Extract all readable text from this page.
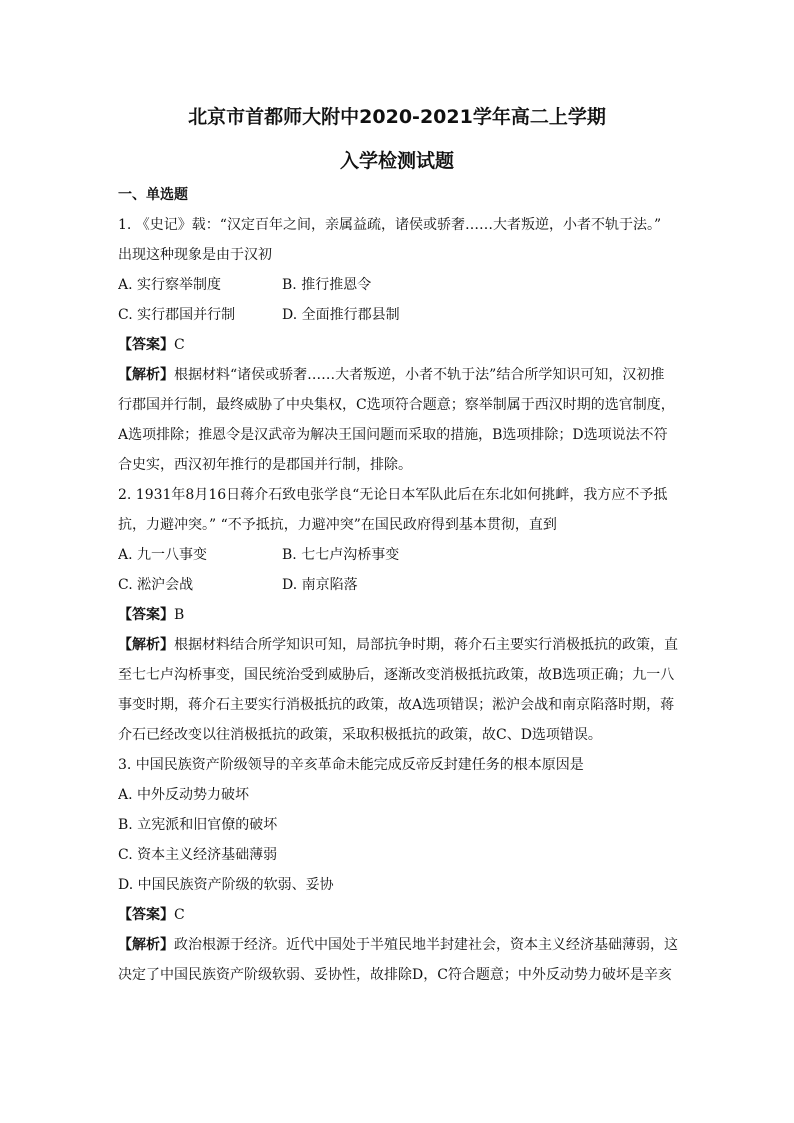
北京市首都师大附中2020-2021学年高二上学期
入学检测试题
一、单选题
1. 《史记》载：“汉定百年之间，亲属益疏，诸侯或骄奢……大者叛逆，小者不轨于法。”
出现这种现象是由于汉初
A. 实行察举制度	B. 推行推恩令
C. 实行郡国并行制	D. 全面推行郡县制
【答案】C
【解析】根据材料“诸侯或骄奢……大者叛逆，小者不轨于法”结合所学知识可知，汉初推
行郡国并行制，最终威胁了中央集权，C选项符合题意；察举制属于西汉时期的选官制度，
A选项排除；推恩令是汉武帝为解决王国问题而采取的措施，B选项排除；D选项说法不符
合史实，西汉初年推行的是郡国并行制，排除。
2. 1931年8月16日蒋介石致电张学良“无论日本军队此后在东北如何挑衅，我方应不予抵
抗，力避冲突。” “不予抵抗，力避冲突”在国民政府得到基本贯彻，直到
A. 九一八事变	B. 七七卢沟桥事变
C. 淞沪会战	D. 南京陷落
【答案】B
【解析】根据材料结合所学知识可知，局部抗争时期，蒋介石主要实行消极抵抗的政策，直
至七七卢沟桥事变，国民统治受到威胁后，逐渐改变消极抵抗政策，故B选项正确；九一八
事变时期，蒋介石主要实行消极抵抗的政策，故A选项错误；淞沪会战和南京陷落时期，蒋
介石已经改变以往消极抵抗的政策，采取积极抵抗的政策，故C、D选项错误。
3. 中国民族资产阶级领导的辛亥革命未能完成反帝反封建任务的根本原因是
A. 中外反动势力破坏
B. 立宪派和旧官僚的破坏
C. 资本主义经济基础薄弱
D. 中国民族资产阶级的软弱、妥协
【答案】C
【解析】政治根源于经济。近代中国处于半殖民地半封建社会，资本主义经济基础薄弱，这
决定了中国民族资产阶级软弱、妥协性，故排除D，C符合题意；中外反动势力破坏是辛亥
